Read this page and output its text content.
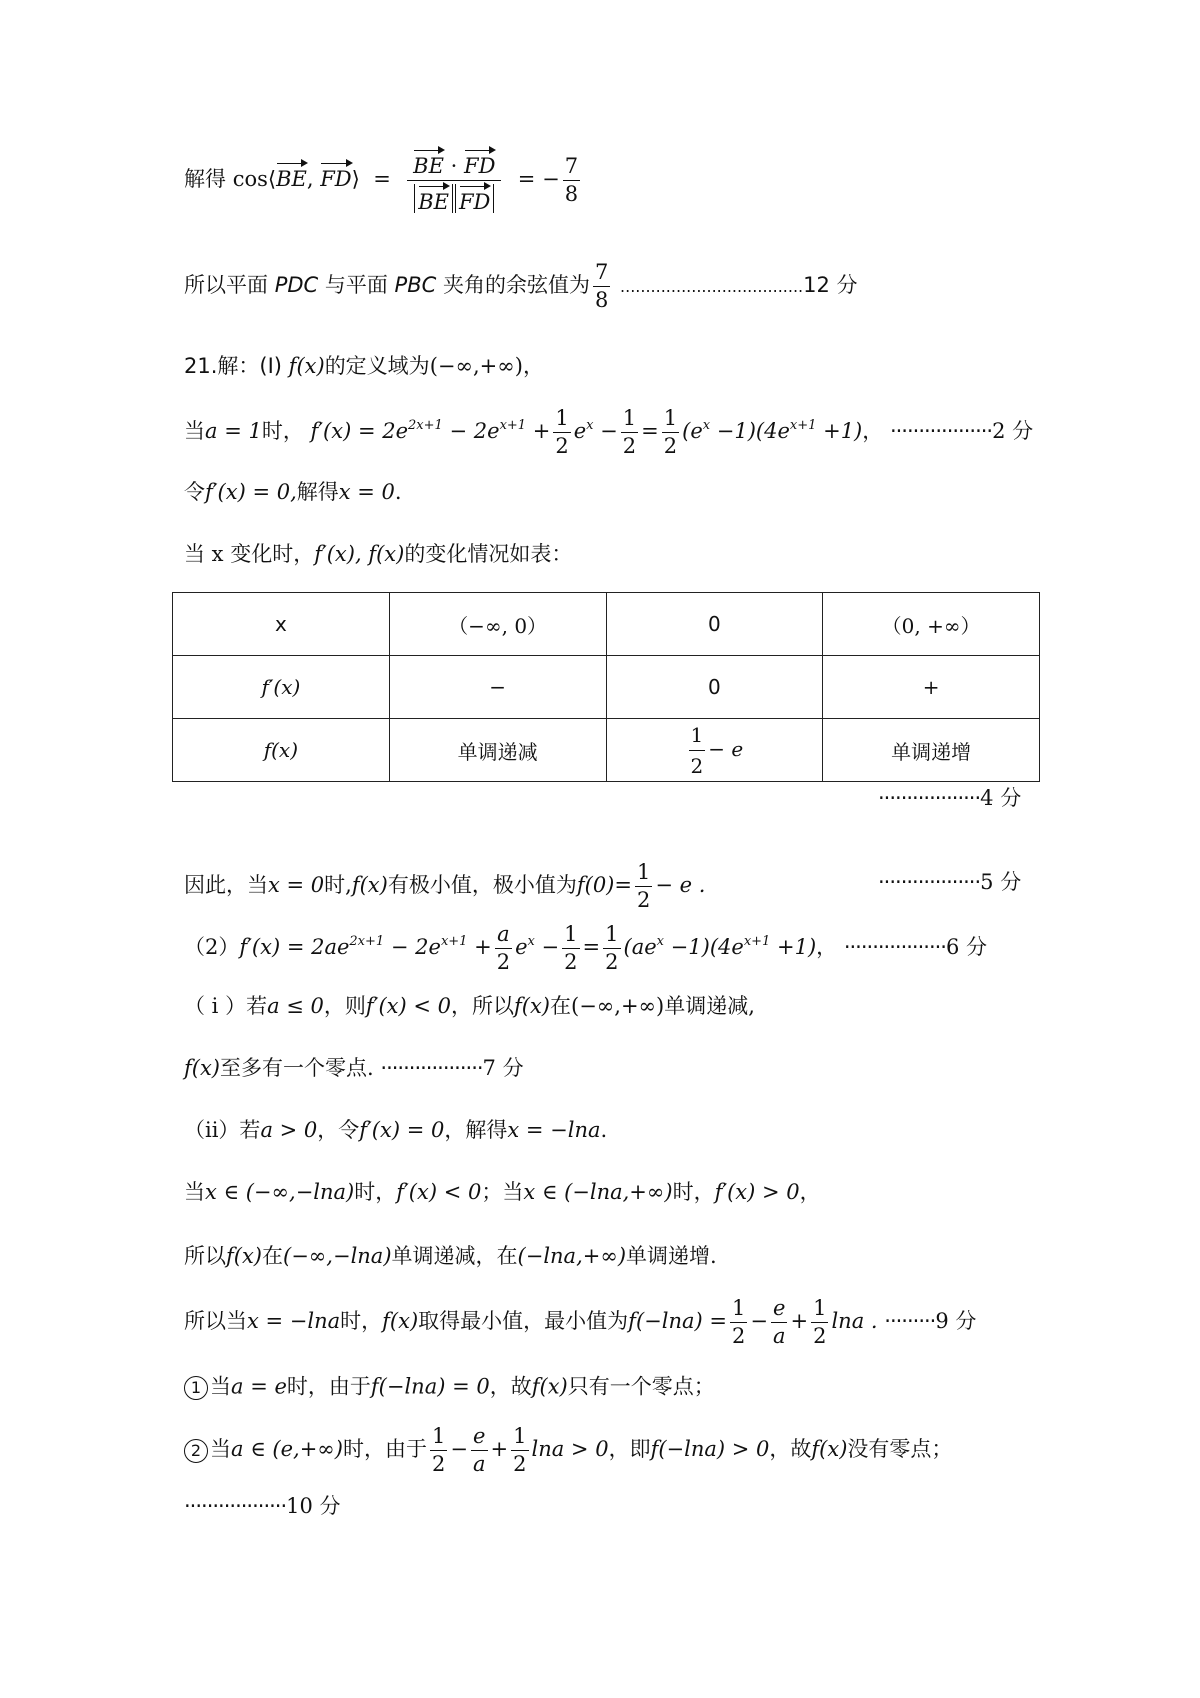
解得 cos⟨BE, FD⟩ = $\frac{BE \cdot FD}{\text{BE FD}}$ = − $\frac{7}{8}$
所以平面 PDC 与平面 PBC 夹角的余弦值为 $\frac{7}{8} ....................................12$ 分
21.解：(I) f(x)的定义域为(−∞,+∞)，
当a = 1时， $f'(x) = 2e^{2x+1} - 2e^{x+1} + \frac{1}{2} e^x - \frac{1}{2} = \frac{1}{2} (e^x -1)(4e^{x+1} +1)$， ··················2 分
令f′(x) = 0,解得x = 0.
当 x 变化时，f′(x), f(x)的变化情况如表：
x	（−∞, 0）	0	（0, +∞）
f′(x)	−	0	+
f(x)	单调递减	$\frac{1}{2} - e$	单调递增
··················4 分
因此，当x = 0时,f(x)有极小值，极小值为$f(0)= \frac{1}{2} - e$ .	··················5 分
$(2)f'(x) = 2ae^{2x+1} - 2e^{x+1} + \frac{a}{2} e^x - \frac{1}{2} = \frac{1}{2} (ae^x -1)(4e^{x+1} +1)$， ··················6 分
（ i ）若a ≤ 0，则f′(x) < 0，所以f(x)在(−∞,+∞)单调递减,
f(x)至多有一个零点. ··················7 分
（ii）若a > 0，令f′(x) = 0，解得x = −lna.
当x ∈ (−∞,−lna)时，f′(x) < 0；当x ∈ (−lna,+∞)时，f′(x) > 0，
所以f(x)在(−∞,−lna)单调递减，在(−lna,+∞)单调递增.
所以当x = −lna时，f(x)取得最小值，最小值为$f(-\ln a) = \frac{1}{2} - \frac{e}{a} + \frac{1}{2}$ lna . ·········9 分
1 当a = e时，由于f(−lna) = 0，故f(x)只有一个零点；
2 当a ∈ (e,+∞)时，由于 $\frac{1}{2} - \frac{e}{a} + \frac{1}{2}$ lna > 0，即f(−lna) > 0，故f(x)没有零点；
··················10 分
